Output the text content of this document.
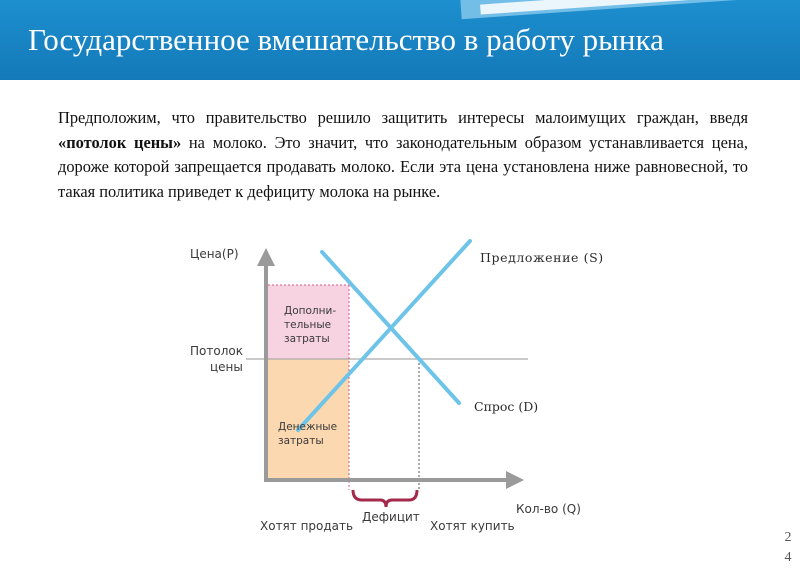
Государственное вмешательство в работу рынка

Предположим, что правительство решило защитить интересы малоимущих граждан, введя «потолок цены» на молоко. Это значит, что законодательным образом устанавливается цена, дороже которой запрещается продавать молоко. Если эта цена установлена ниже равновесной, то такая политика приведет к дефициту молока на рынке.

Цена(P)
Потолок
цены
Предложение (S)
Спрос (D)
Дополни-
тельные
затраты
Денежные
затраты
Хотят продать
Дефицит
Хотят купить
Кол-во (Q)
24
